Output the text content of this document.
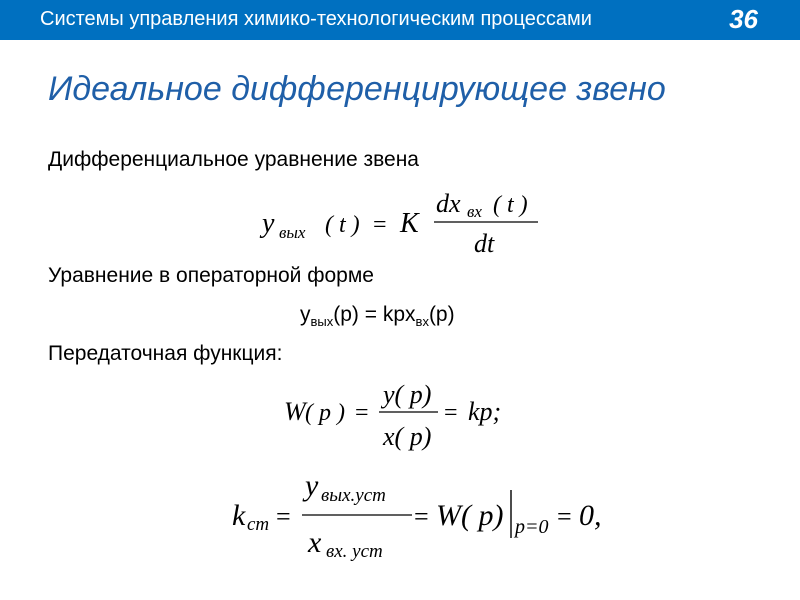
Системы управления химико-технологическим процессами	36
Идеальное дифференцирующее звено
Дифференциальное уравнение звена
Уравнение в операторной форме
$y_{вых}(p) = kpx_{вх}(p)$
Передаточная функция:
y вых ( t ) = K
dx вх ( t )
dt
W ( p ) =
y( p)
x( p)
= kp;
k ст =
y вых.уст
x вх. уст
= W( p) p=0 = 0,
